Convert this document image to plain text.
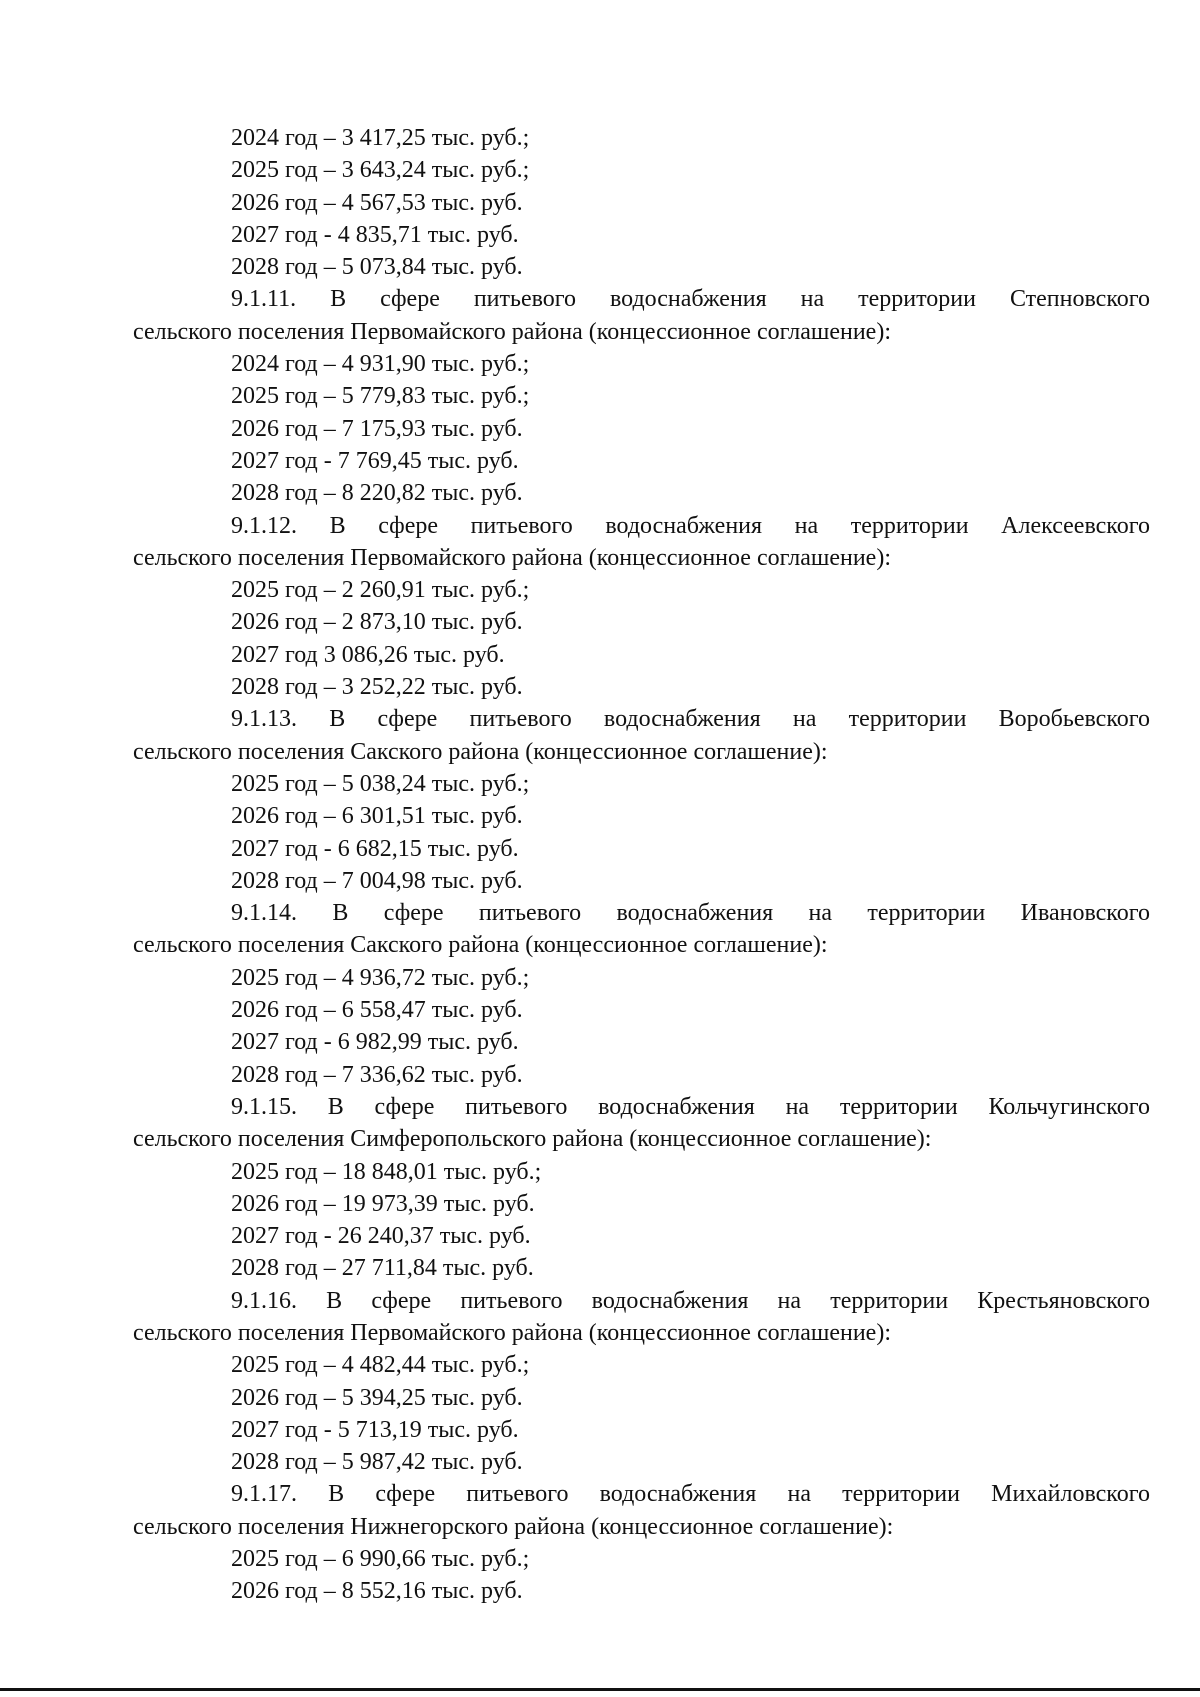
2024 год – 3 417,25 тыс. руб.;
2025 год – 3 643,24 тыс. руб.;
2026 год – 4 567,53 тыс. руб.
2027 год - 4 835,71 тыс. руб.
2028 год – 5 073,84 тыс. руб.
9.1.11. В сфере питьевого водоснабжения на территории Степновского
сельского поселения Первомайского района (концессионное соглашение):
2024 год – 4 931,90 тыс. руб.;
2025 год – 5 779,83 тыс. руб.;
2026 год – 7 175,93 тыс. руб.
2027 год - 7 769,45 тыс. руб.
2028 год – 8 220,82 тыс. руб.
9.1.12. В сфере питьевого водоснабжения на территории Алексеевского
сельского поселения Первомайского района (концессионное соглашение):
2025 год – 2 260,91 тыс. руб.;
2026 год – 2 873,10 тыс. руб.
2027 год 3 086,26 тыс. руб.
2028 год – 3 252,22 тыс. руб.
9.1.13. В сфере питьевого водоснабжения на территории Воробьевского
сельского поселения Сакского района (концессионное соглашение):
2025 год – 5 038,24 тыс. руб.;
2026 год – 6 301,51 тыс. руб.
2027 год - 6 682,15 тыс. руб.
2028 год – 7 004,98 тыс. руб.
9.1.14. В сфере питьевого водоснабжения на территории Ивановского
сельского поселения Сакского района (концессионное соглашение):
2025 год – 4 936,72 тыс. руб.;
2026 год – 6 558,47 тыс. руб.
2027 год - 6 982,99 тыс. руб.
2028 год – 7 336,62 тыс. руб.
9.1.15. В сфере питьевого водоснабжения на территории Кольчугинского
сельского поселения Симферопольского района (концессионное соглашение):
2025 год – 18 848,01 тыс. руб.;
2026 год – 19 973,39 тыс. руб.
2027 год - 26 240,37 тыс. руб.
2028 год – 27 711,84 тыс. руб.
9.1.16. В сфере питьевого водоснабжения на территории Крестьяновского
сельского поселения Первомайского района (концессионное соглашение):
2025 год – 4 482,44 тыс. руб.;
2026 год – 5 394,25 тыс. руб.
2027 год - 5 713,19 тыс. руб.
2028 год – 5 987,42 тыс. руб.
9.1.17. В сфере питьевого водоснабжения на территории Михайловского
сельского поселения Нижнегорского района (концессионное соглашение):
2025 год – 6 990,66 тыс. руб.;
2026 год – 8 552,16 тыс. руб.
